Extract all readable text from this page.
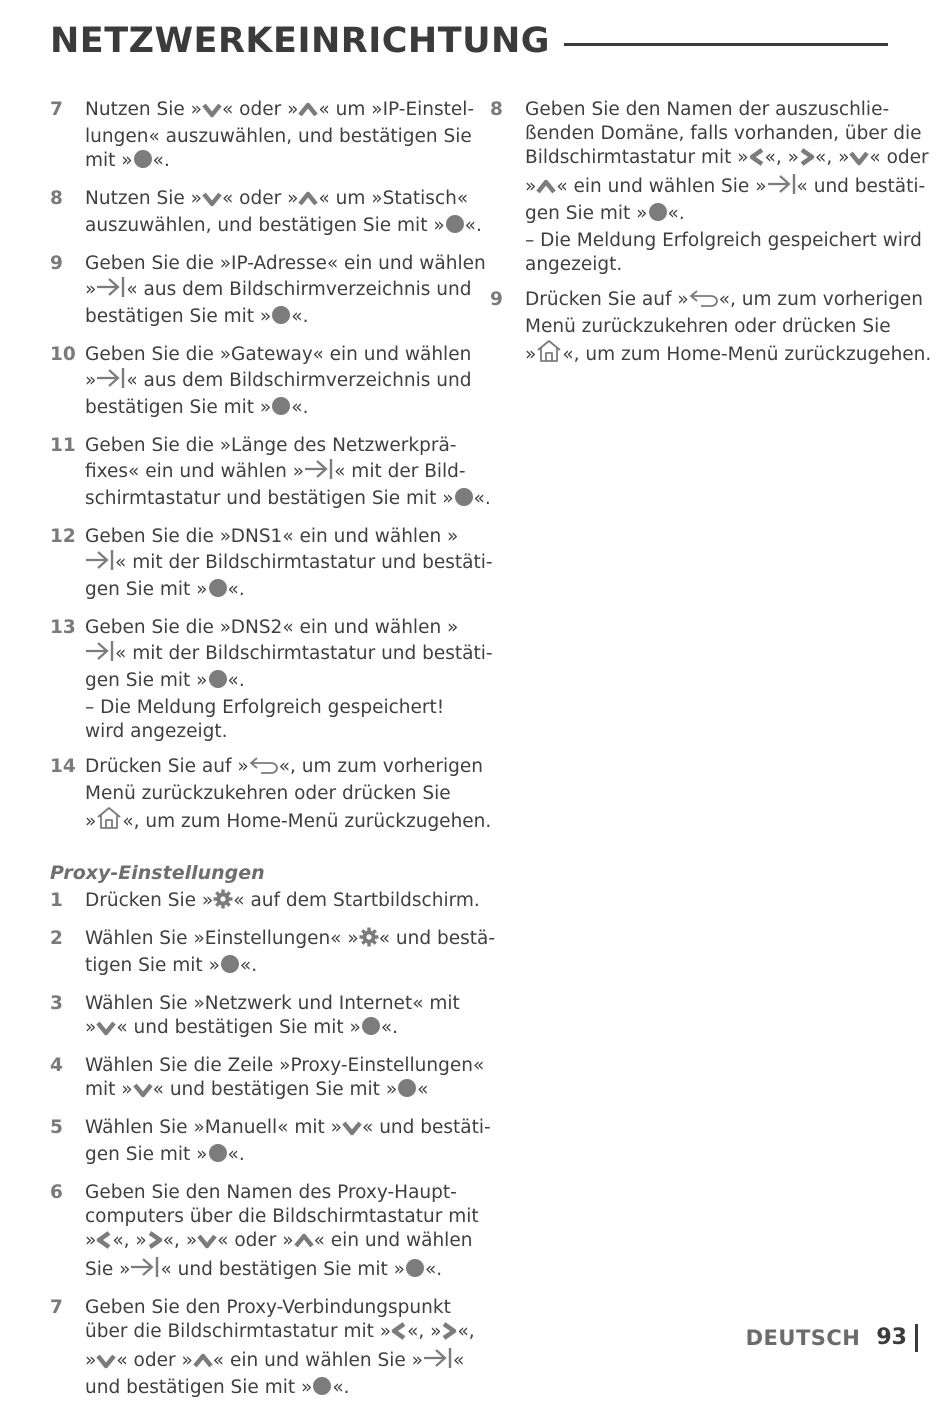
NETZWERKEINRICHTUNG
7	Nutzen Sie » « oder » « um »IP-Einstel-
lungen« auszuwählen, und bestätigen Sie
mit » «.
8	Nutzen Sie » « oder » « um »Statisch«
auszuwählen, und bestätigen Sie mit » «.
9	Geben Sie die »IP-Adresse« ein und wählen
» « aus dem Bildschirmverzeichnis und
bestätigen Sie mit » «.
10 Geben Sie die »Gateway« ein und wählen
» « aus dem Bildschirmverzeichnis und
bestätigen Sie mit » «.
11 Geben Sie die »Länge des Netzwerkprä-
fixes« ein und wählen » « mit der Bild-
schirmtastatur und bestätigen Sie mit » «.
12 Geben Sie die »DNS1« ein und wählen »
« mit der Bildschirmtastatur und bestäti-
gen Sie mit » «.
13 Geben Sie die »DNS2« ein und wählen »
« mit der Bildschirmtastatur und bestäti-
gen Sie mit » «.
– Die Meldung Erfolgreich gespeichert!
wird angezeigt.
14 Drücken Sie auf » «, um zum vorherigen
Menü zurückzukehren oder drücken Sie
» «, um zum Home-Menü zurückzugehen.
Proxy-Einstellungen
1	Drücken Sie » « auf dem Startbildschirm.
2	Wählen Sie »Einstellungen« » « und bestä-
tigen Sie mit » «.
3	Wählen Sie »Netzwerk und Internet« mit
» « und bestätigen Sie mit » «.
4	Wählen Sie die Zeile »Proxy-Einstellungen«
mit » « und bestätigen Sie mit » «
5	Wählen Sie »Manuell« mit » « und bestäti-
gen Sie mit » «.
6	Geben Sie den Namen des Proxy-Haupt-
computers über die Bildschirmtastatur mit
» «, » «, » « oder » « ein und wählen
Sie » « und bestätigen Sie mit » «.
7	Geben Sie den Proxy-Verbindungspunkt
über die Bildschirmtastatur mit » «, » «,
» « oder » « ein und wählen Sie » «
und bestätigen Sie mit » «.
8	Geben Sie den Namen der auszuschlie-
ßenden Domäne, falls vorhanden, über die
Bildschirmtastatur mit » «, » «, » « oder
» « ein und wählen Sie » « und bestäti-
gen Sie mit » «.
– Die Meldung Erfolgreich gespeichert wird
angezeigt.
9	Drücken Sie auf » «, um zum vorherigen
Menü zurückzukehren oder drücken Sie
» «, um zum Home-Menü zurückzugehen.
DEUTSCH 93
